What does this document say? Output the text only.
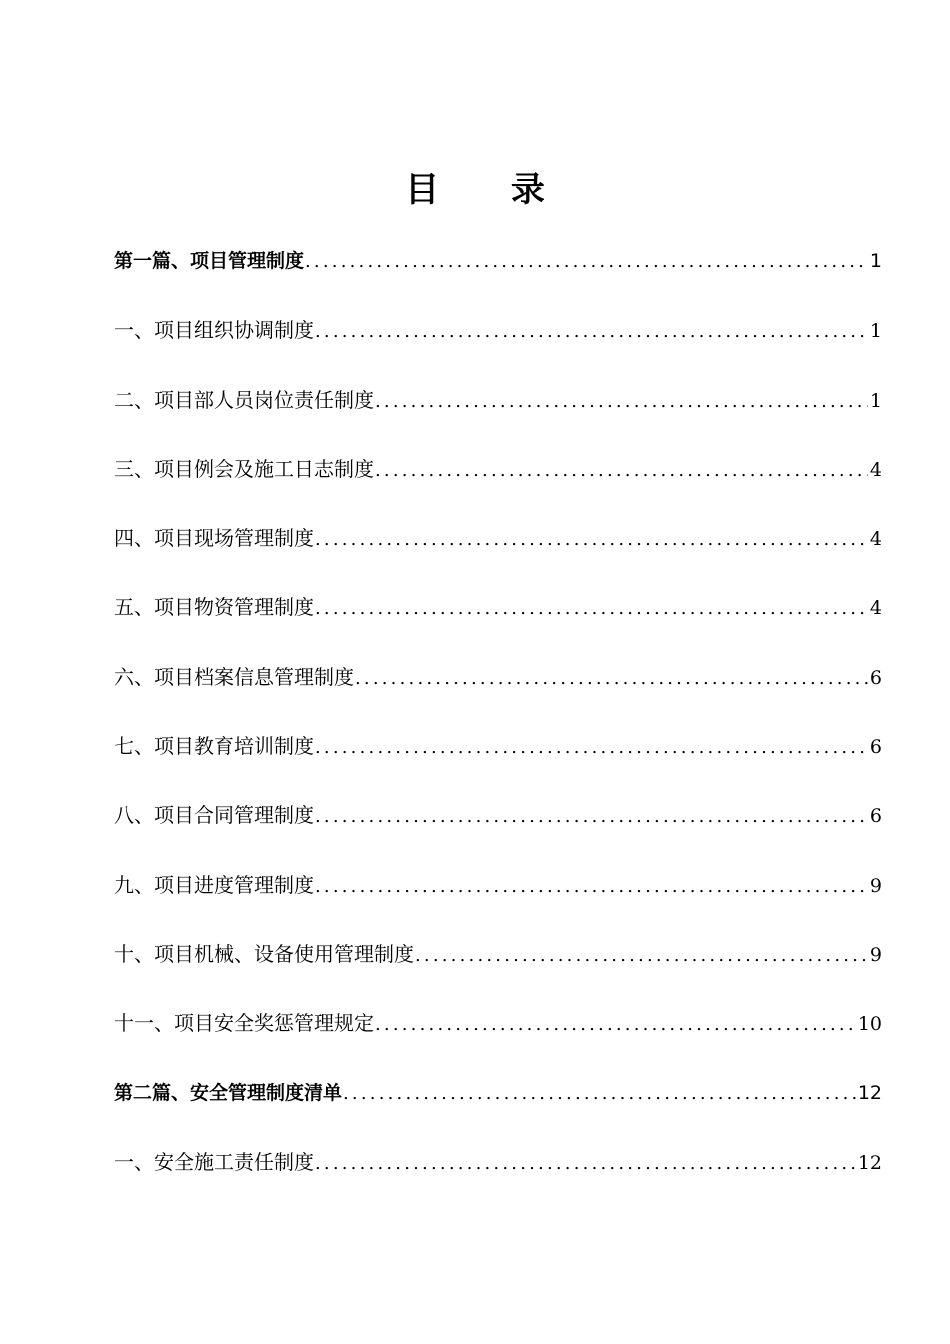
目 录
第一篇、项目管理制度 .....	1
一、项目组织协调制度 .....	1
二、项目部人员岗位责任制度 .....	1
三、项目例会及施工日志制度 .....	4
四、项目现场管理制度 .....	4
五、项目物资管理制度 .....	4
六、项目档案信息管理制度 .....	6
七、项目教育培训制度 .....	6
八、项目合同管理制度 .....	6
九、项目进度管理制度 .....	9
十、项目机械、设备使用管理制度 .....	9
十一、项目安全奖惩管理规定 .....	10
第二篇、安全管理制度清单 .....	12
一、安全施工责任制度 .....	12
